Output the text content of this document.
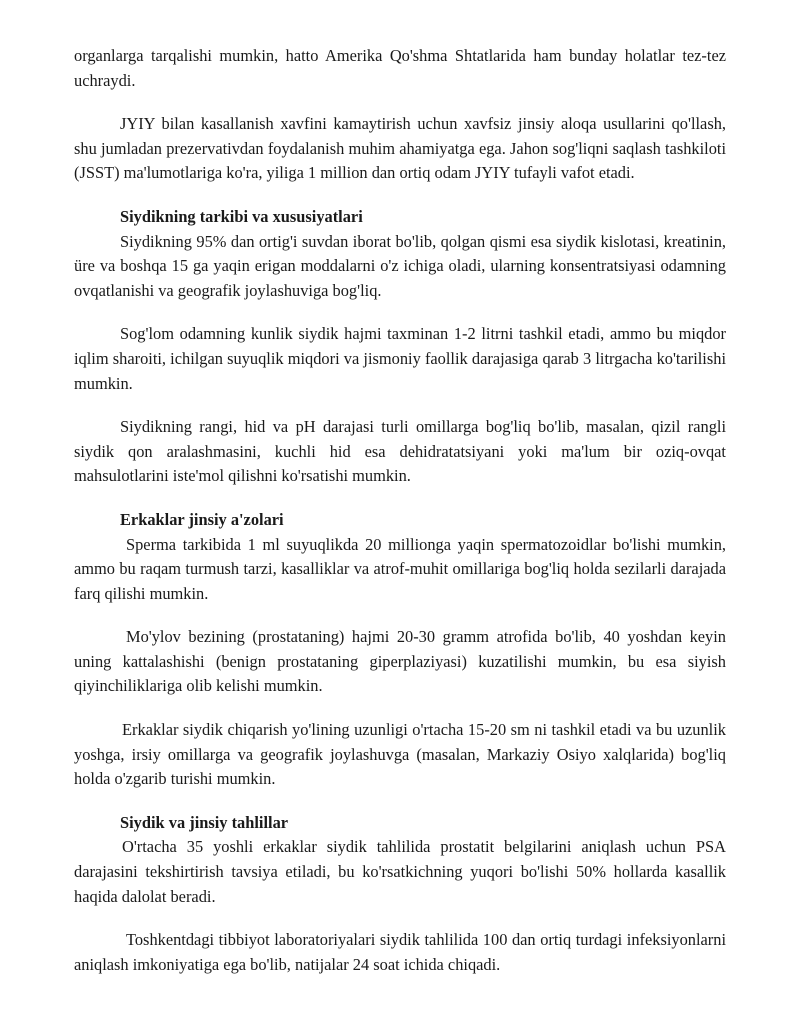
organlarga tarqalishi mumkin, hatto Amerika Qo'shma Shtatlarida ham bunday holatlar tez-tez uchraydi.

JYIY bilan kasallanish xavfini kamaytirish uchun xavfsiz jinsiy aloqa usullarini qo'llash, shu jumladan prezervativdan foydalanish muhim ahamiyatga ega. Jahon sog'liqni saqlash tashkiloti (JSST) ma'lumotlariga ko'ra, yiliga 1 million dan ortiq odam JYIY tufayli vafot etadi.

Siydikning tarkibi va xususiyatlari

Siydikning 95% dan ortig'i suvdan iborat bo'lib, qolgan qismi esa siydik kislotasi, kreatinin, üre va boshqa 15 ga yaqin erigan moddalarni o'z ichiga oladi, ularning konsentratsiyasi odamning ovqatlanishi va geografik joylashuviga bog'liq.

Sog'lom odamning kunlik siydik hajmi taxminan 1-2 litrni tashkil etadi, ammo bu miqdor iqlim sharoiti, ichilgan suyuqlik miqdori va jismoniy faollik darajasiga qarab 3 litrgacha ko'tarilishi mumkin.

Siydikning rangi, hid va pH darajasi turli omillarga bog'liq bo'lib, masalan, qizil rangli siydik qon aralashmasini, kuchli hid esa dehidratatsiyani yoki ma'lum bir oziq-ovqat mahsulotlarini iste'mol qilishni ko'rsatishi mumkin.

Erkaklar jinsiy a'zolari

Sperma tarkibida 1 ml suyuqlikda 20 millionga yaqin spermatozoidlar bo'lishi mumkin, ammo bu raqam turmush tarzi, kasalliklar va atrof-muhit omillariga bog'liq holda sezilarli darajada farq qilishi mumkin.

Mo'ylov bezining (prostataning) hajmi 20-30 gramm atrofida bo'lib, 40 yoshdan keyin uning kattalashishi (benign prostataning giperplaziyasi) kuzatilishi mumkin, bu esa siyish qiyinchiliklariga olib kelishi mumkin.

Erkaklar siydik chiqarish yo'lining uzunligi o'rtacha 15-20 sm ni tashkil etadi va bu uzunlik yoshga, irsiy omillarga va geografik joylashuvga (masalan, Markaziy Osiyo xalqlarida) bog'liq holda o'zgarib turishi mumkin.

Siydik va jinsiy tahlillar

O'rtacha 35 yoshli erkaklar siydik tahlilida prostatit belgilarini aniqlash uchun PSA darajasini tekshirtirish tavsiya etiladi, bu ko'rsatkichning yuqori bo'lishi 50% hollarda kasallik haqida dalolat beradi.

Toshkentdagi tibbiyot laboratoriyalari siydik tahlilida 100 dan ortiq turdagi infeksiyonlarni aniqlash imkoniyatiga ega bo'lib, natijalar 24 soat ichida chiqadi.
